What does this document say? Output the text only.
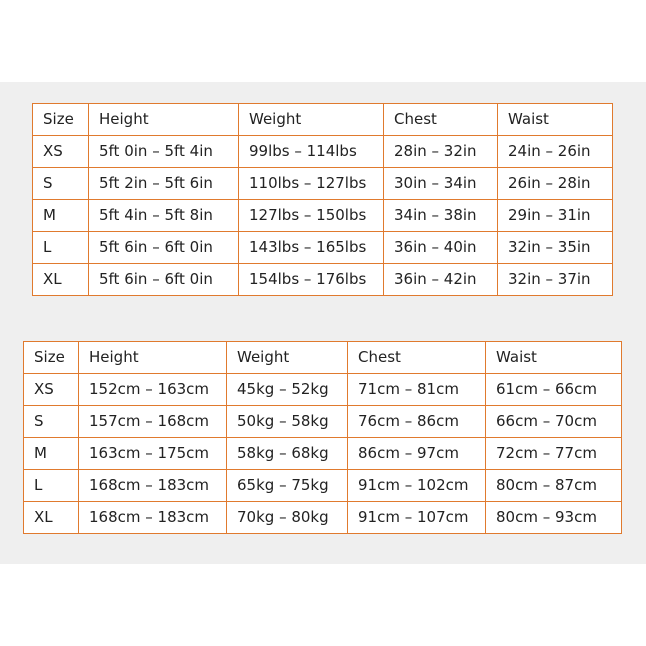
Size	Height	Weight	Chest	Waist
XS	5ft 0in – 5ft 4in	99lbs – 114lbs	28in – 32in	24in – 26in
S	5ft 2in – 5ft 6in	110lbs – 127lbs	30in – 34in	26in – 28in
M	5ft 4in – 5ft 8in	127lbs – 150lbs	34in – 38in	29in – 31in
L	5ft 6in – 6ft 0in	143lbs – 165lbs	36in – 40in	32in – 35in
XL	5ft 6in – 6ft 0in	154lbs – 176lbs	36in – 42in	32in – 37in
Size	Height	Weight	Chest	Waist
XS	152cm – 163cm	45kg – 52kg	71cm – 81cm	61cm – 66cm
S	157cm – 168cm	50kg – 58kg	76cm – 86cm	66cm – 70cm
M	163cm – 175cm	58kg – 68kg	86cm – 97cm	72cm – 77cm
L	168cm – 183cm	65kg – 75kg	91cm – 102cm	80cm – 87cm
XL	168cm – 183cm	70kg – 80kg	91cm – 107cm	80cm – 93cm
